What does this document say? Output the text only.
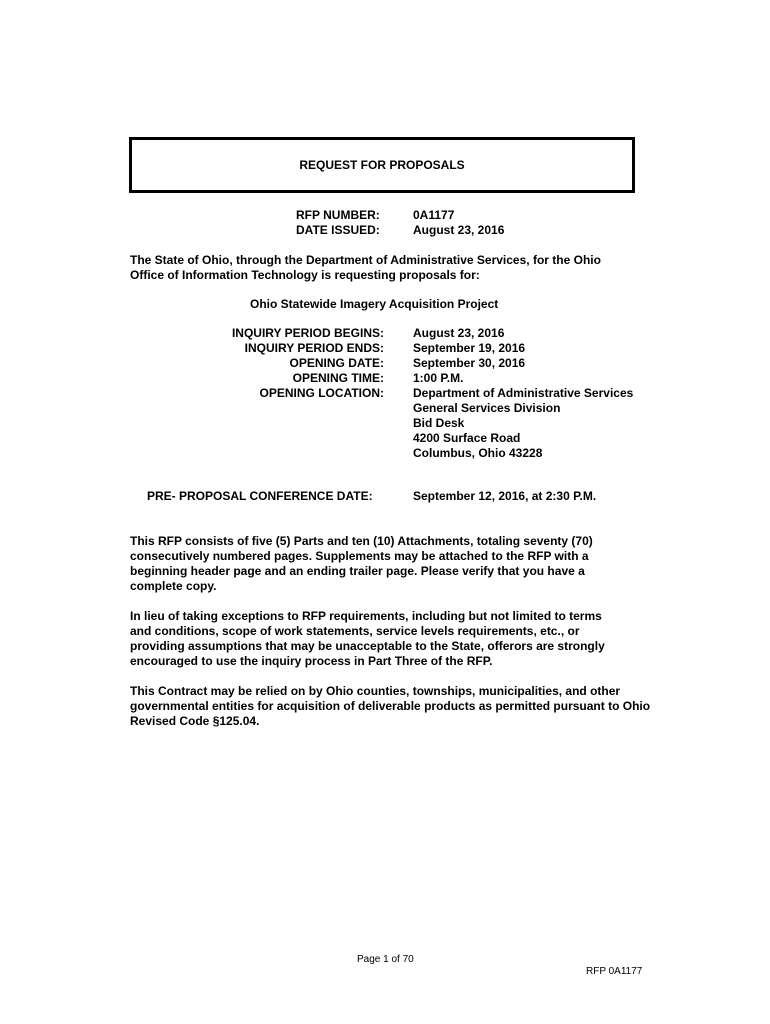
REQUEST FOR PROPOSALS
RFP NUMBER:	0A1177
DATE ISSUED:	August 23, 2016
The State of Ohio, through the Department of Administrative Services, for the Ohio
Office of Information Technology is requesting proposals for:
Ohio Statewide Imagery Acquisition Project
INQUIRY PERIOD BEGINS: August 23, 2016
INQUIRY PERIOD ENDS: September 19, 2016
OPENING DATE: September 30, 2016
OPENING TIME: 1:00 P.M.
OPENING LOCATION: Department of Administrative Services
General Services Division
Bid Desk
4200 Surface Road
Columbus, Ohio 43228
PRE- PROPOSAL CONFERENCE DATE:	September 12, 2016, at 2:30 P.M.
This RFP consists of five (5) Parts and ten (10) Attachments, totaling seventy (70)
consecutively numbered pages. Supplements may be attached to the RFP with a
beginning header page and an ending trailer page. Please verify that you have a
complete copy.
In lieu of taking exceptions to RFP requirements, including but not limited to terms
and conditions, scope of work statements, service levels requirements, etc., or
providing assumptions that may be unacceptable to the State, offerors are strongly
encouraged to use the inquiry process in Part Three of the RFP.
This Contract may be relied on by Ohio counties, townships, municipalities, and other
governmental entities for acquisition of deliverable products as permitted pursuant to Ohio
Revised Code §125.04.
Page 1 of 70
RFP 0A1177
